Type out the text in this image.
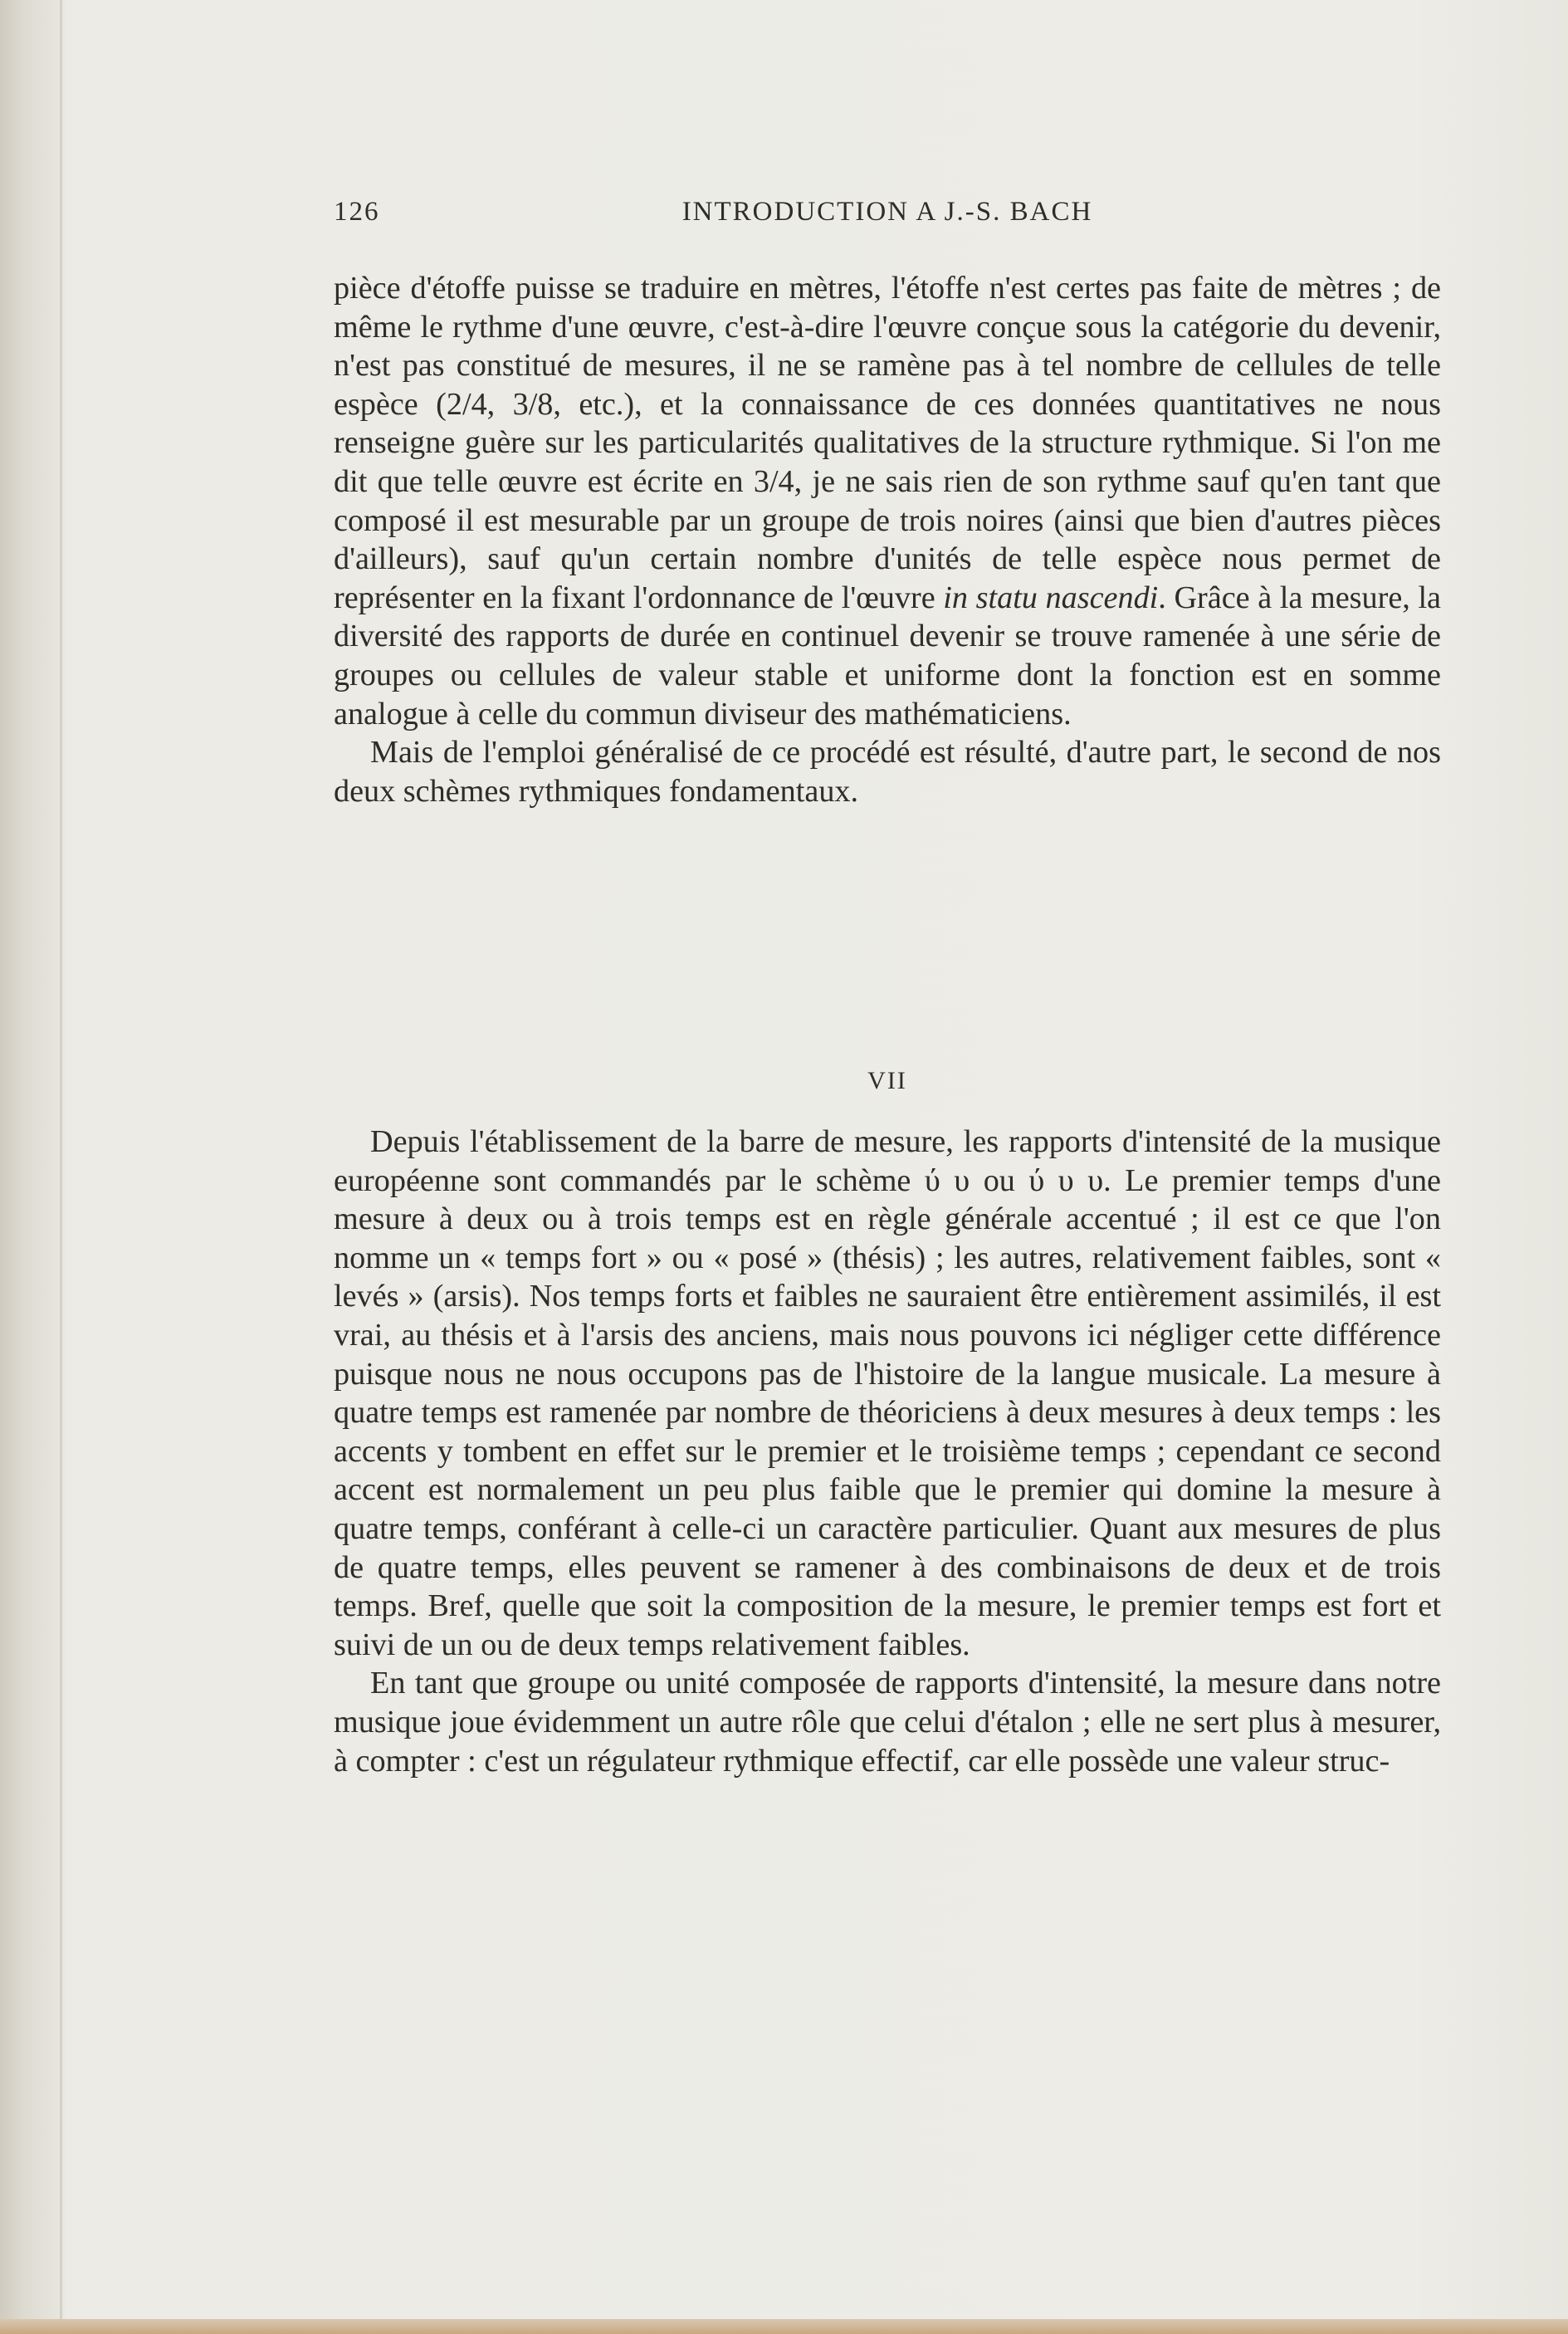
126	INTRODUCTION A J.-S. BACH

pièce d'étoffe puisse se traduire en mètres, l'étoffe n'est certes pas faite de mètres ; de même le rythme d'une œuvre, c'est-à-dire l'œuvre conçue sous la catégorie du devenir, n'est pas constitué de mesures, il ne se ramène pas à tel nombre de cellules de telle espèce (2/4, 3/8, etc.), et la connaissance de ces données quantitatives ne nous renseigne guère sur les particularités qualitatives de la structure rythmique. Si l'on me dit que telle œuvre est écrite en 3/4, je ne sais rien de son rythme sauf qu'en tant que composé il est mesurable par un groupe de trois noires (ainsi que bien d'autres pièces d'ailleurs), sauf qu'un certain nombre d'unités de telle espèce nous permet de représenter en la fixant l'ordonnance de l'œuvre in statu nascendi. Grâce à la mesure, la diversité des rapports de durée en continuel devenir se trouve ramenée à une série de groupes ou cellules de valeur stable et uniforme dont la fonction est en somme analogue à celle du commun diviseur des mathématiciens.

Mais de l'emploi généralisé de ce procédé est résulté, d'autre part, le second de nos deux schèmes rythmiques fondamentaux.

VII

Depuis l'établissement de la barre de mesure, les rapports d'intensité de la musique européenne sont commandés par le schème ύ υ ou ύ υ υ. Le premier temps d'une mesure à deux ou à trois temps est en règle générale accentué ; il est ce que l'on nomme un « temps fort » ou « posé » (thésis) ; les autres, relativement faibles, sont « levés » (arsis). Nos temps forts et faibles ne sauraient être entièrement assimilés, il est vrai, au thésis et à l'arsis des anciens, mais nous pouvons ici négliger cette différence puisque nous ne nous occupons pas de l'histoire de la langue musicale. La mesure à quatre temps est ramenée par nombre de théoriciens à deux mesures à deux temps : les accents y tombent en effet sur le premier et le troisième temps ; cependant ce second accent est normalement un peu plus faible que le premier qui domine la mesure à quatre temps, conférant à celle-ci un caractère particulier. Quant aux mesures de plus de quatre temps, elles peuvent se ramener à des combinaisons de deux et de trois temps. Bref, quelle que soit la composition de la mesure, le premier temps est fort et suivi de un ou de deux temps relativement faibles.

En tant que groupe ou unité composée de rapports d'intensité, la mesure dans notre musique joue évidemment un autre rôle que celui d'étalon ; elle ne sert plus à mesurer, à compter : c'est un régulateur rythmique effectif, car elle possède une valeur struc-
